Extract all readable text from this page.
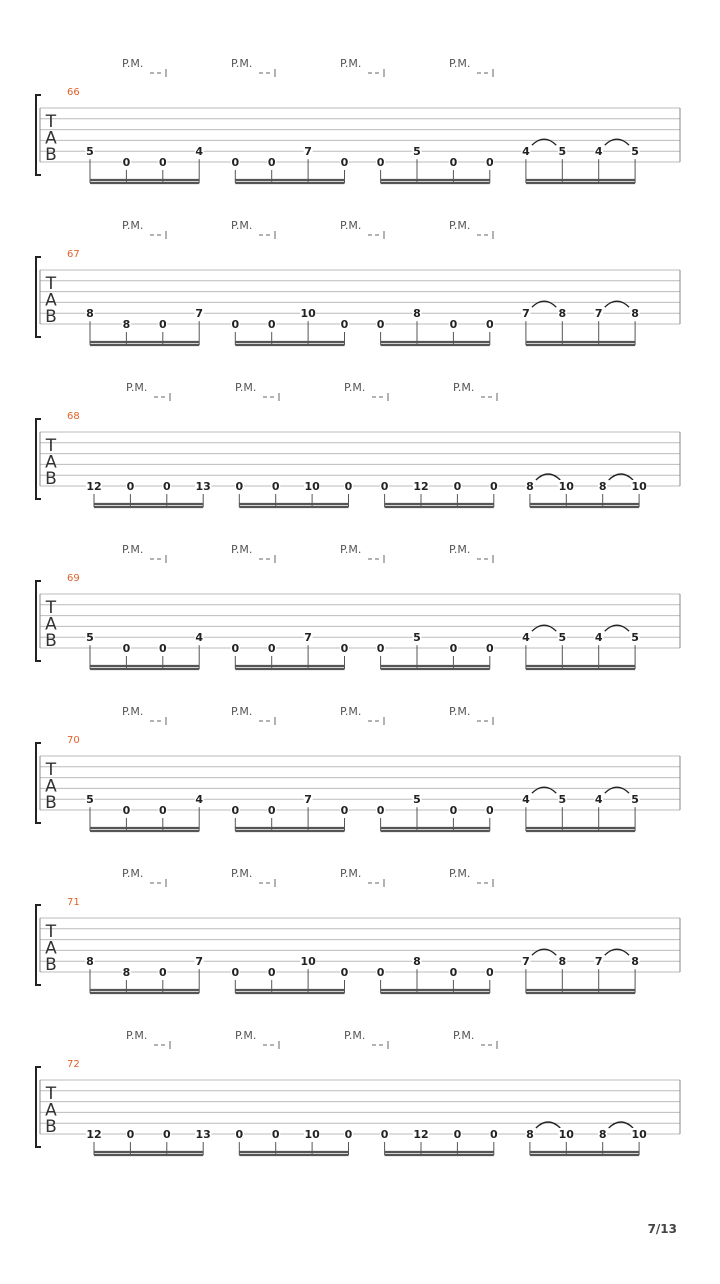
P.M.	P.M.	P.M.	P.M.
66
T
A
B	5
0	0
4
0	0
7
0	0
5
0	0
4	5	4	5
P.M.	P.M.	P.M.	P.M.
67
T
A
B	8
8	0
7
0	0
10
0	0
8
0	0
7	8	7	8
P.M.	P.M.	P.M.	P.M.
68
T
A
B	12 0	0 13 0	0 10 0	0 12 0	0	8 10 8 10
P.M.	P.M.	P.M.	P.M.
69
T
A
B	5
0	0
4
0	0
7
0	0
5
0	0
4	5	4	5
P.M.	P.M.	P.M.	P.M.
70
T
A
B	5
0	0
4
0	0
7
0	0
5
0	0
4	5	4	5
P.M.	P.M.	P.M.	P.M.
71
T
A
B	8
8	0
7
0	0
10
0	0
8
0	0
7	8	7	8
P.M.	P.M.	P.M.	P.M.
72
T
A
B	12 0	0 13 0	0 10 0	0 12 0	0	8 10 8 10
7/13
